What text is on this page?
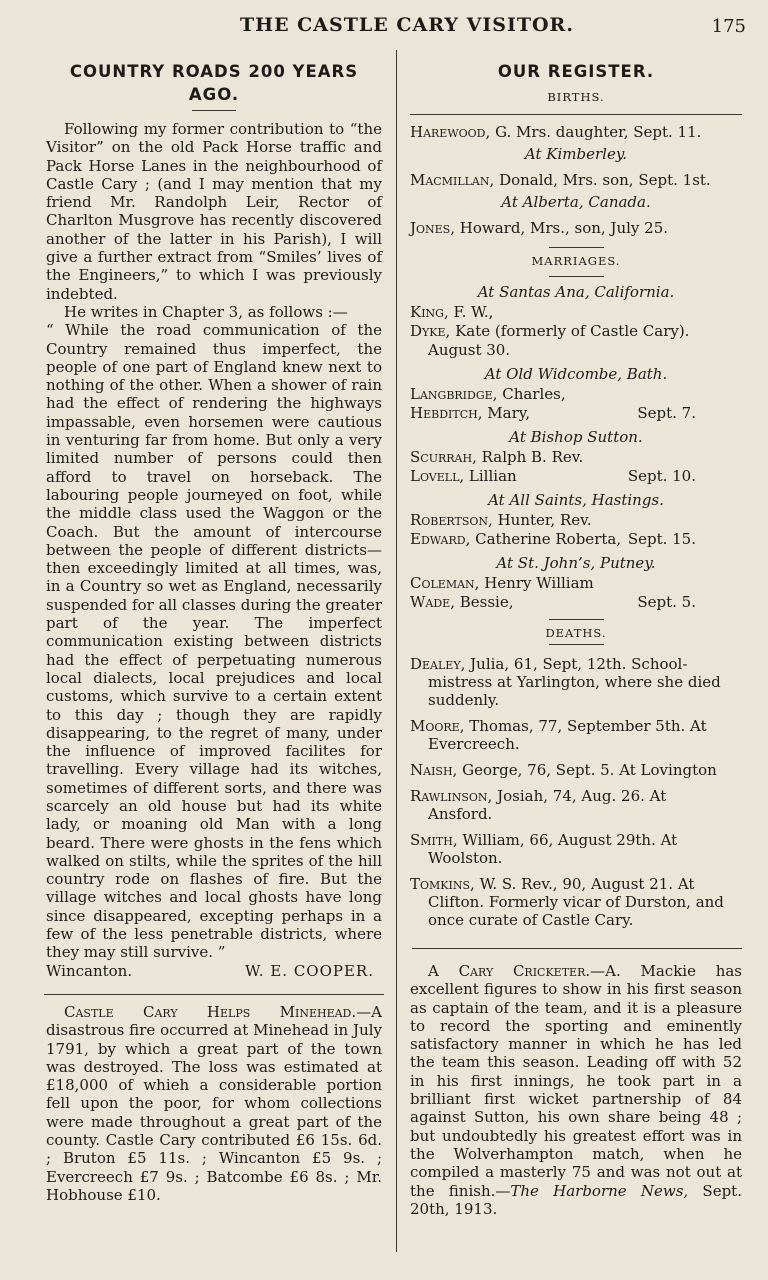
THE CASTLE CARY VISITOR.	175
COUNTRY ROADS 200 YEARS AGO.

Following my former contribution to “the Visitor” on the old Pack Horse traffic and Pack Horse Lanes in the neighbourhood of Castle Cary ; (and I may mention that my friend Mr. Randolph Leir, Rector of Charlton Musgrove has recently discovered another of the latter in his Parish), I will give a further extract from “Smiles’ lives of the Engineers,” to which I was previously indebted.

He writes in Chapter 3, as follows :—

“ While the road communication of the Country remained thus imperfect, the people of one part of England knew next to nothing of the other. When a shower of rain had the effect of rendering the highways impassable, even horsemen were cautious in venturing far from home. But only a very limited number of persons could then afford to travel on horseback. The labouring people journeyed on foot, while the middle class used the Waggon or the Coach. But the amount of intercourse between the people of different districts—then exceedingly limited at all times, was, in a Country so wet as England, necessarily suspended for all classes during the greater part of the year. The imperfect communication existing between districts had the effect of perpetuating numerous local dialects, local prejudices and local customs, which survive to a certain extent to this day ; though they are rapidly disappearing, to the regret of many, under the influence of improved facilites for travelling. Every village had its witches, sometimes of different sorts, and there was scarcely an old house but had its white lady, or moaning old Man with a long beard. There were ghosts in the fens which walked on stilts, while the sprites of the hill country rode on flashes of fire. But the village witches and local ghosts have long since disappeared, excepting perhaps in a few of the less penetrable districts, where they may still survive. ”

Wincanton.	W. E. COOPER.

Castle Cary Helps Minehead.—A disastrous fire occurred at Minehead in July 1791, by which a great part of the town was destroyed. The loss was estimated at £18,000 of whieh a considerable portion fell upon the poor, for whom collections were made throughout a great part of the county. Castle Cary contributed £6 15s. 6d. ; Bruton £5 11s. ; Wincanton £5 9s. ; Evercreech £7 9s. ; Batcombe £6 8s. ; Mr. Hobhouse £10.

OUR REGISTER.

BIRTHS.

Harewood, G. Mrs. daughter, Sept. 11.

At Kimberley.

Macmillan, Donald, Mrs. son, Sept. 1st.

At Alberta, Canada.

Jones, Howard, Mrs., son, July 25.

MARRIAGES.

At Santas Ana, California.

King, F. W.,

Dyke, Kate (formerly of Castle Cary).

August 30.

At Old Widcombe, Bath.

Langbridge, Charles,

Hebditch, Mary,	Sept. 7.

At Bishop Sutton.

Scurrah, Ralph B. Rev.

Lovell, Lillian	Sept. 10.

At All Saints, Hastings.

Robertson, Hunter, Rev.

Edward, Catherine Roberta, Sept. 15.

At St. John’s, Putney.

Coleman, Henry William

Wade, Bessie,	Sept. 5.

DEATHS.

Dealey, Julia, 61, Sept, 12th. School-
mistress at Yarlington, where she died suddenly.

Moore, Thomas, 77, September 5th. At
Evercreech.

Naish, George, 76, Sept. 5. At Lovington

Rawlinson, Josiah, 74, Aug. 26. At
Ansford.

Smith, William, 66, August 29th. At
Woolston.

Tomkins, W. S. Rev., 90, August 21. At
Clifton. Formerly vicar of Durston, and once curate of Castle Cary.

A Cary Cricketer.—A. Mackie has excellent figures to show in his first season as captain of the team, and it is a pleasure to record the sporting and eminently satisfactory manner in which he has led the team this season. Leading off with 52 in his first innings, he took part in a brilliant first wicket partnership of 84 against Sutton, his own share being 48 ; but undoubtedly his greatest effort was in the Wolverhampton match, when he compiled a masterly 75 and was not out at the finish.—The Harborne News, Sept. 20th, 1913.
